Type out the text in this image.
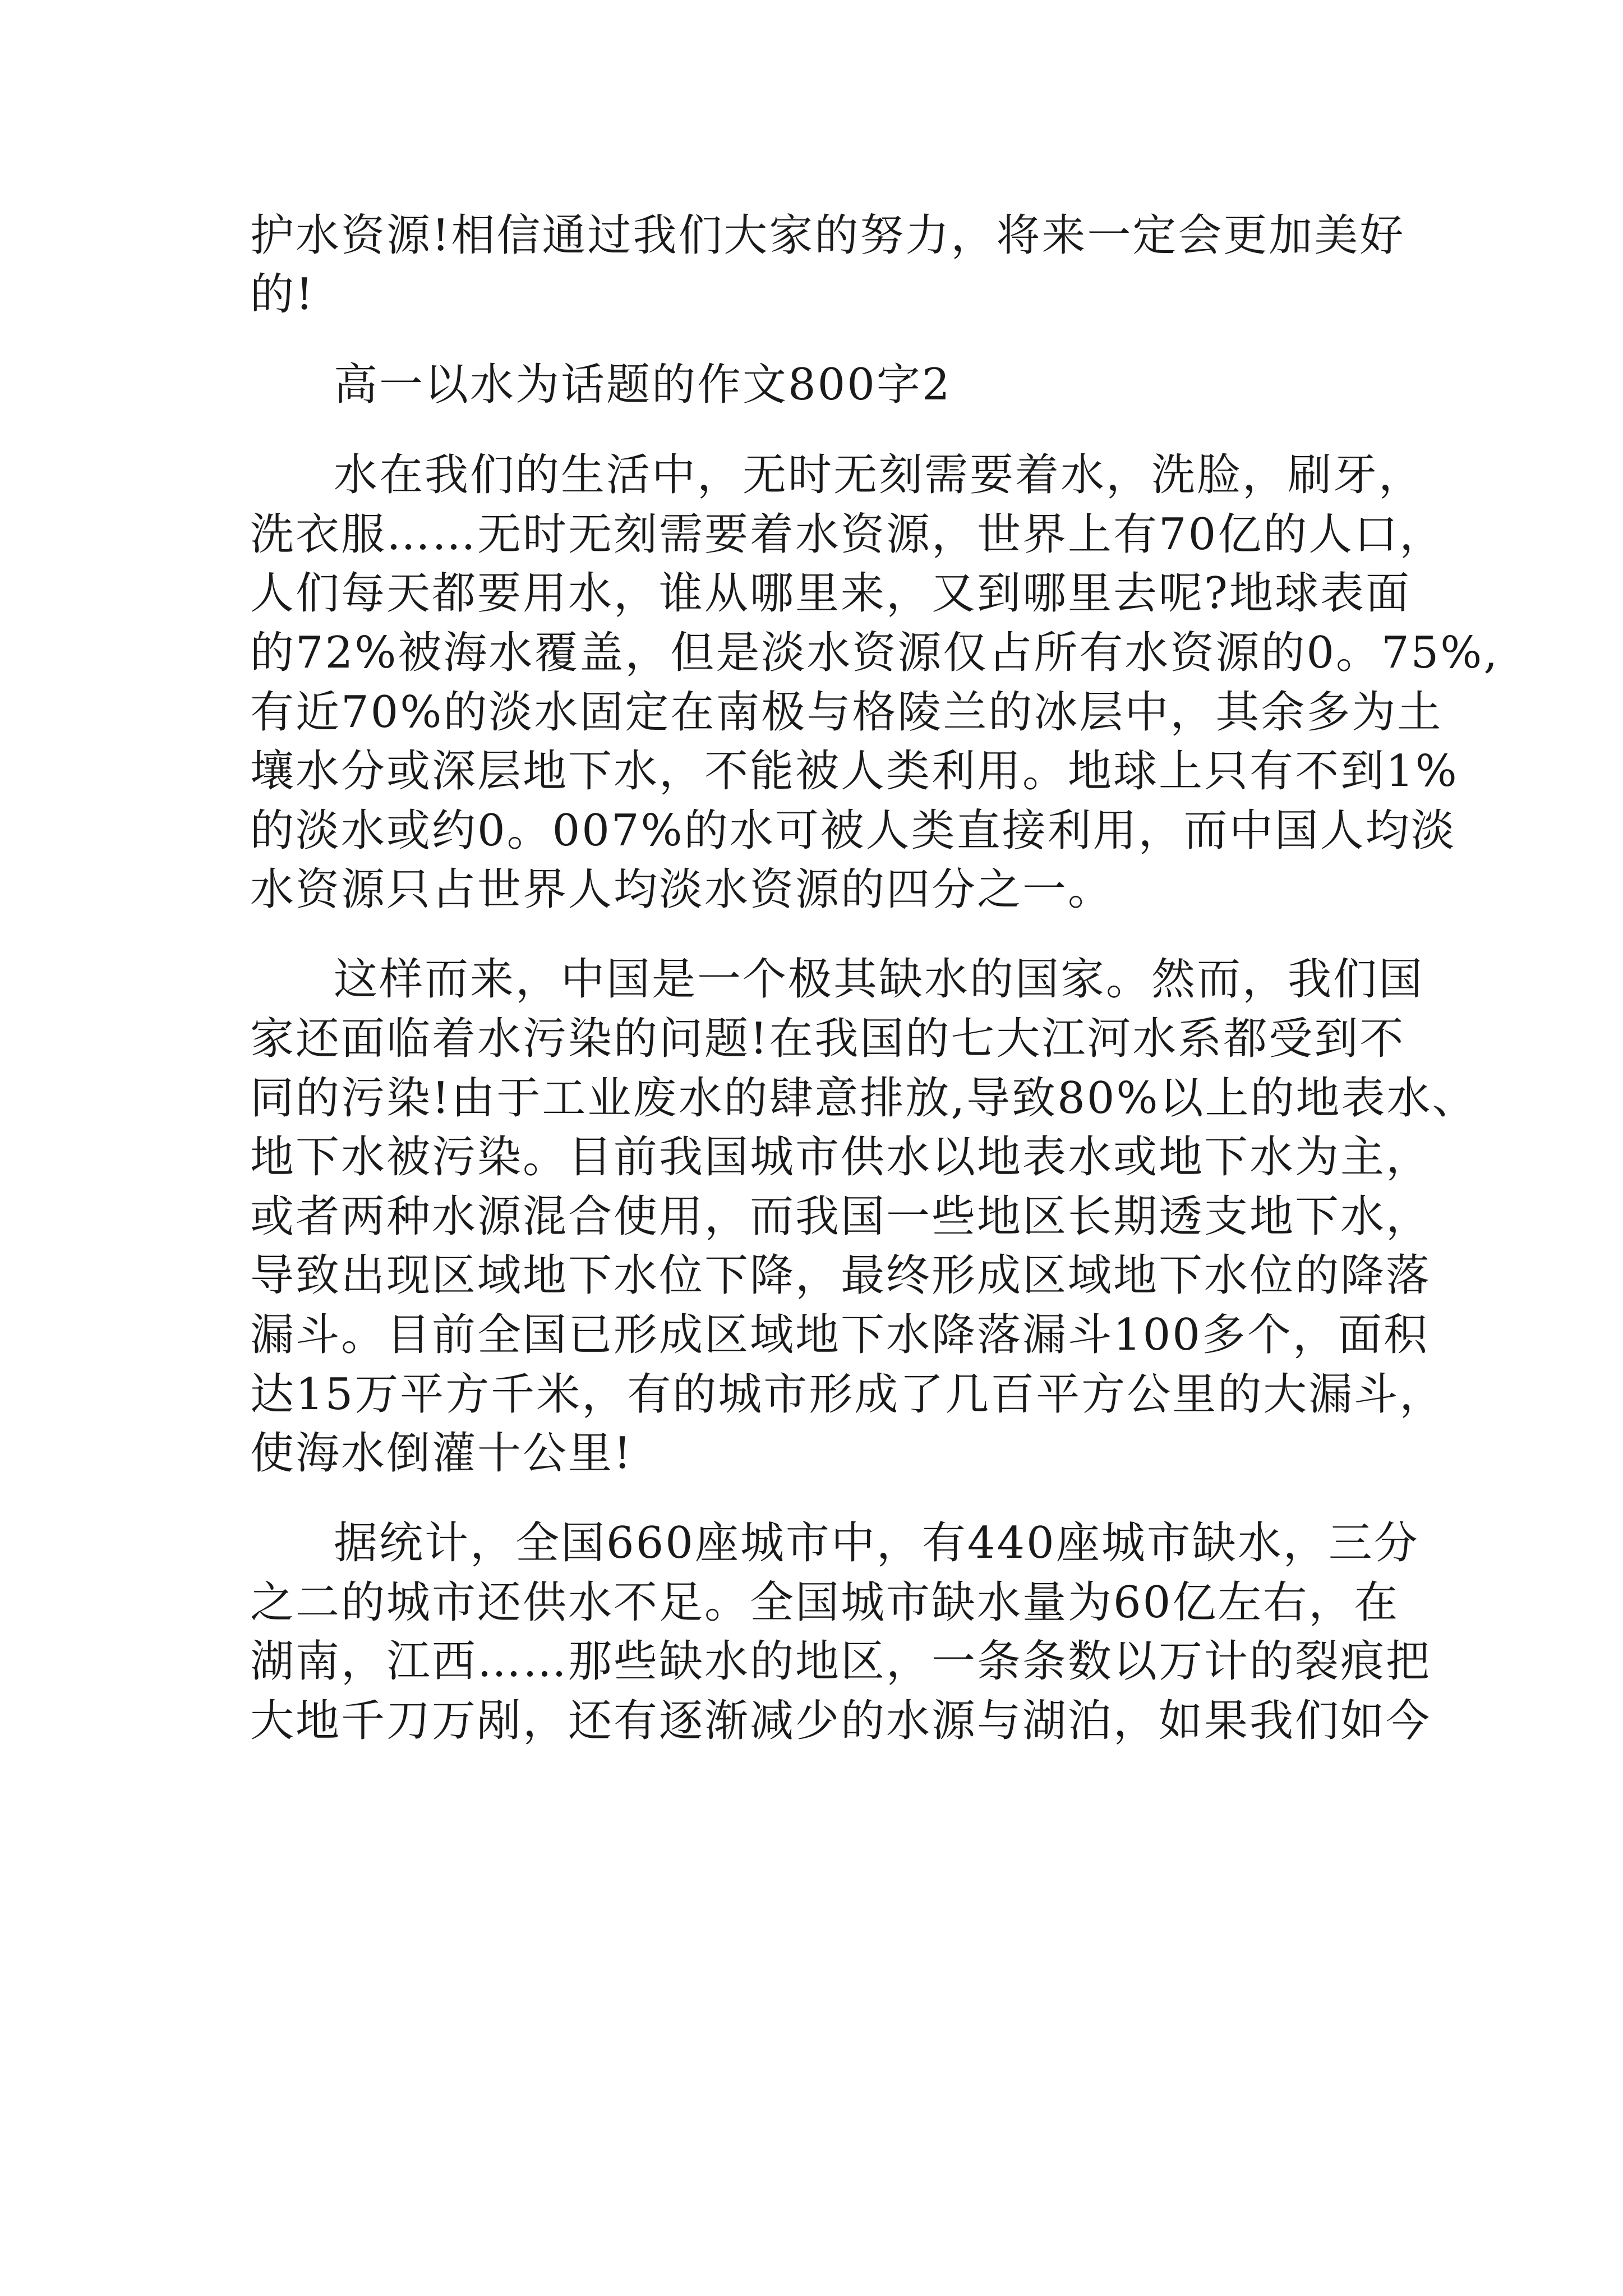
护水资源!相信通过我们大家的努力，将来一定会更加美好
的!
高一以水为话题的作文800字2
水在我们的生活中，无时无刻需要着水，洗脸，刷牙，
洗衣服……无时无刻需要着水资源，世界上有70亿的人口，
人们每天都要用水，谁从哪里来，又到哪里去呢?地球表面
的72%被海水覆盖，但是淡水资源仅占所有水资源的0。75%,
有近70%的淡水固定在南极与格陵兰的冰层中，其余多为土
壤水分或深层地下水，不能被人类利用。地球上只有不到1%
的淡水或约0。007%的水可被人类直接利用，而中国人均淡
水资源只占世界人均淡水资源的四分之一。
这样而来，中国是一个极其缺水的国家。然而，我们国
家还面临着水污染的问题!在我国的七大江河水系都受到不
同的污染!由于工业废水的肆意排放,导致80%以上的地表水、
地下水被污染。目前我国城市供水以地表水或地下水为主，
或者两种水源混合使用，而我国一些地区长期透支地下水，
导致出现区域地下水位下降，最终形成区域地下水位的降落
漏斗。目前全国已形成区域地下水降落漏斗100多个，面积
达15万平方千米，有的城市形成了几百平方公里的大漏斗，
使海水倒灌十公里!
据统计，全国660座城市中，有440座城市缺水，三分
之二的城市还供水不足。全国城市缺水量为60亿左右，在
湖南，江西……那些缺水的地区，一条条数以万计的裂痕把
大地千刀万剐，还有逐渐减少的水源与湖泊，如果我们如今
